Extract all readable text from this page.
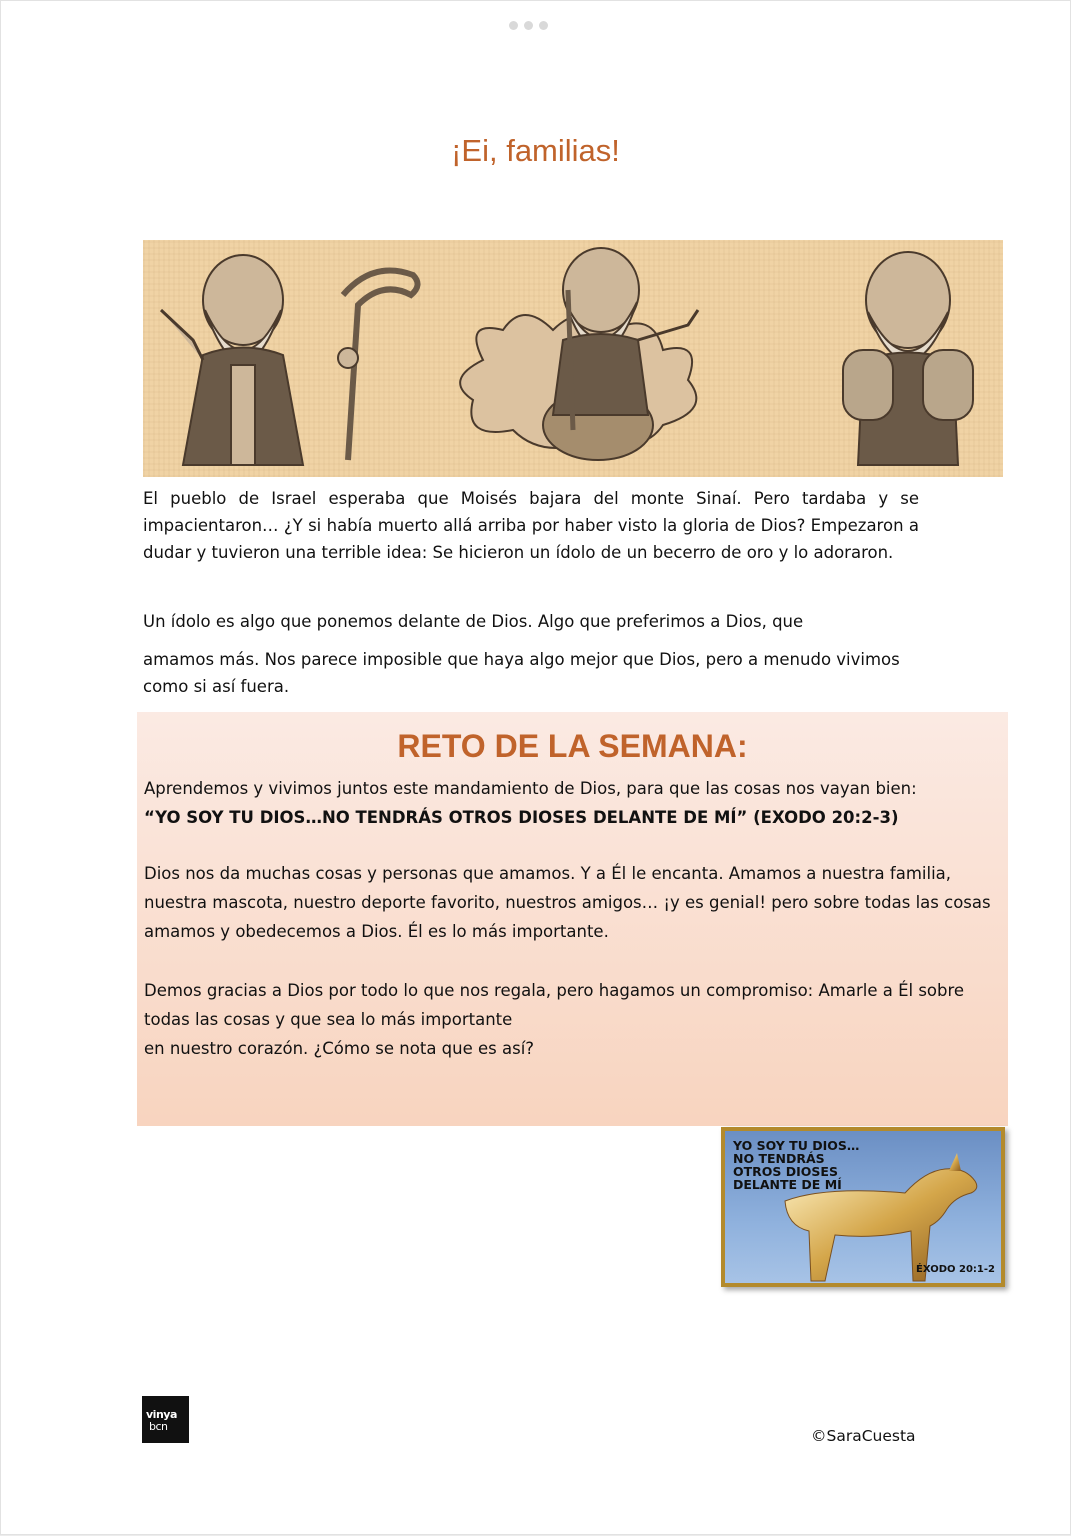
¡Ei, familias!
El pueblo de Israel esperaba que Moisés bajara del monte Sinaí. Pero tardaba y se impacientaron… ¿Y si había muerto allá arriba por haber visto la gloria de Dios? Empezaron a dudar y tuvieron una terrible idea: Se hicieron un ídolo de un becerro de oro y lo adoraron.
Un ídolo es algo que ponemos delante de Dios. Algo que preferimos a Dios, que
amamos más. Nos parece imposible que haya algo mejor que Dios, pero a menudo vivimos como si así fuera.
RETO DE LA SEMANA:
Aprendemos y vivimos juntos este mandamiento de Dios, para que las cosas nos vayan bien:
“YO SOY TU DIOS…NO TENDRÁS OTROS DIOSES DELANTE DE MÍ” (EXODO 20:2-3)
Dios nos da muchas cosas y personas que amamos. Y a Él le encanta. Amamos a nuestra familia, nuestra mascota, nuestro deporte favorito, nuestros amigos… ¡y es genial! pero sobre todas las cosas amamos y obedecemos a Dios. Él es lo más importante.
Demos gracias a Dios por todo lo que nos regala, pero hagamos un compromiso: Amarle a Él sobre todas las cosas y que sea lo más importante
en nuestro corazón. ¿Cómo se nota que es así?
YO SOY TU DIOS…
NO TENDRÁS
OTROS DIOSES
DELANTE DE MÍ
ÉXODO 20:1-2
vinya
bcn
©SaraCuesta
